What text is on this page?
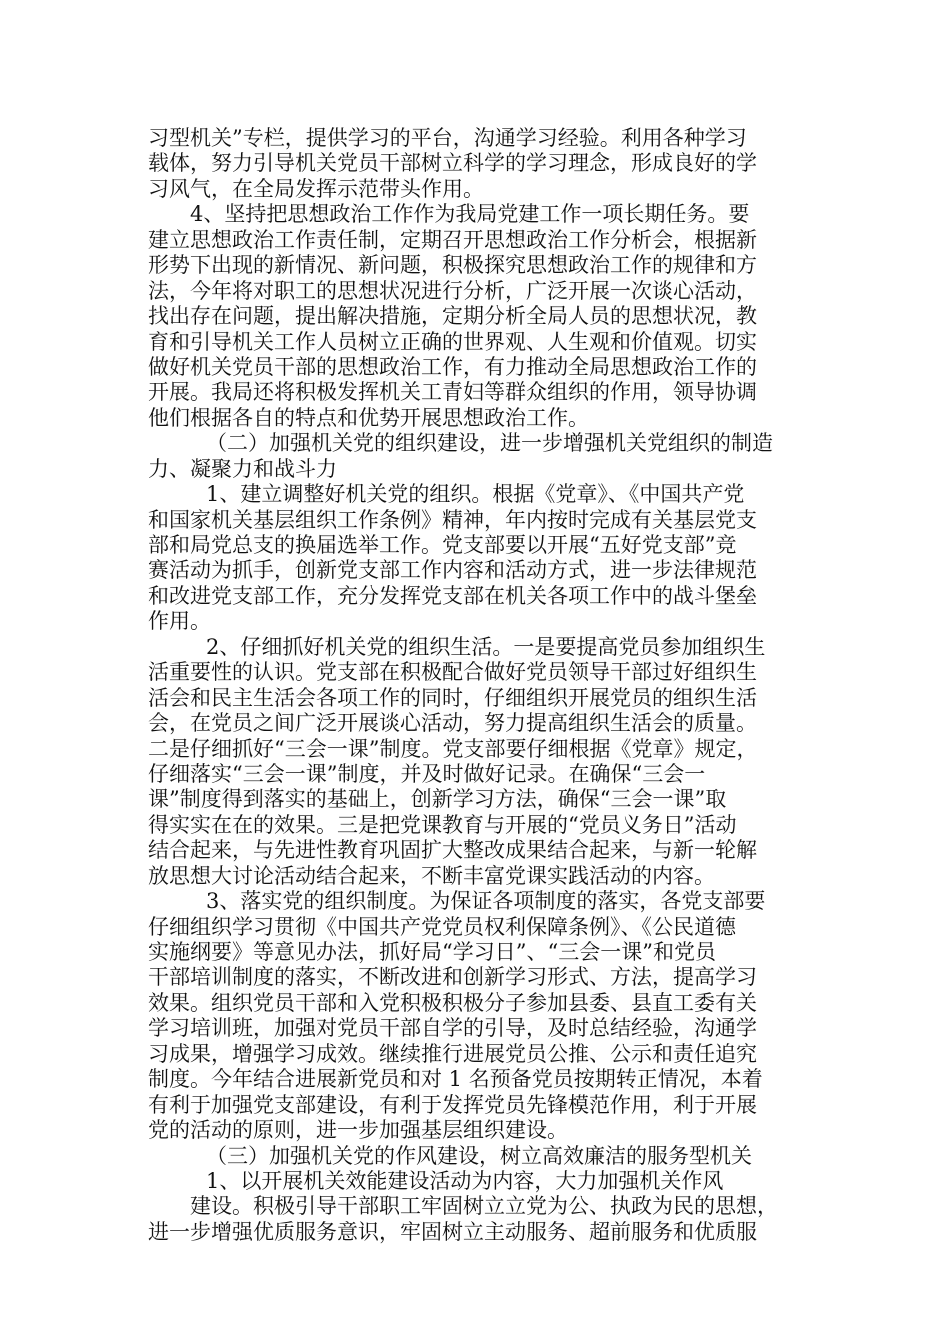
习型机关”专栏，提供学习的平台，沟通学习经验。利用各种学习
载体，努力引导机关党员干部树立科学的学习理念，形成良好的学
习风气，在全局发挥示范带头作用。
4、坚持把思想政治工作作为我局党建工作一项长期任务。要
建立思想政治工作责任制，定期召开思想政治工作分析会，根据新
形势下出现的新情况、新问题，积极探究思想政治工作的规律和方
法，今年将对职工的思想状况进行分析，广泛开展一次谈心活动，
找出存在问题，提出解决措施，定期分析全局人员的思想状况，教
育和引导机关工作人员树立正确的世界观、人生观和价值观。切实
做好机关党员干部的思想政治工作，有力推动全局思想政治工作的
开展。我局还将积极发挥机关工青妇等群众组织的作用，领导协调
他们根据各自的特点和优势开展思想政治工作。
（二）加强机关党的组织建设，进一步增强机关党组织的制造
力、凝聚力和战斗力
1、建立调整好机关党的组织。根据《党章》、《中国共产党
和国家机关基层组织工作条例》精神，年内按时完成有关基层党支
部和局党总支的换届选举工作。党支部要以开展“五好党支部”竞
赛活动为抓手，创新党支部工作内容和活动方式，进一步法律规范
和改进党支部工作，充分发挥党支部在机关各项工作中的战斗堡垒
作用。
2、仔细抓好机关党的组织生活。一是要提高党员参加组织生
活重要性的认识。党支部在积极配合做好党员领导干部过好组织生
活会和民主生活会各项工作的同时，仔细组织开展党员的组织生活
会，在党员之间广泛开展谈心活动，努力提高组织生活会的质量。
二是仔细抓好“三会一课”制度。党支部要仔细根据《党章》规定，
仔细落实“三会一课”制度，并及时做好记录。在确保“三会一
课”制度得到落实的基础上，创新学习方法，确保“三会一课”取
得实实在在的效果。三是把党课教育与开展的“党员义务日”活动
结合起来，与先进性教育巩固扩大整改成果结合起来，与新一轮解
放思想大讨论活动结合起来，不断丰富党课实践活动的内容。
3、落实党的组织制度。为保证各项制度的落实，各党支部要
仔细组织学习贯彻《中国共产党党员权利保障条例》、《公民道德
实施纲要》等意见办法，抓好局“学习日”、“三会一课”和党员
干部培训制度的落实，不断改进和创新学习形式、方法，提高学习
效果。组织党员干部和入党积极积极分子参加县委、县直工委有关
学习培训班，加强对党员干部自学的引导，及时总结经验，沟通学
习成果，增强学习成效。继续推行进展党员公推、公示和责任追究
制度。今年结合进展新党员和对 1 名预备党员按期转正情况，本着
有利于加强党支部建设，有利于发挥党员先锋模范作用，利于开展
党的活动的原则，进一步加强基层组织建设。
（三）加强机关党的作风建设，树立高效廉洁的服务型机关
1、以开展机关效能建设活动为内容，大力加强机关作风
建设。积极引导干部职工牢固树立立党为公、执政为民的思想，
进一步增强优质服务意识，牢固树立主动服务、超前服务和优质服
